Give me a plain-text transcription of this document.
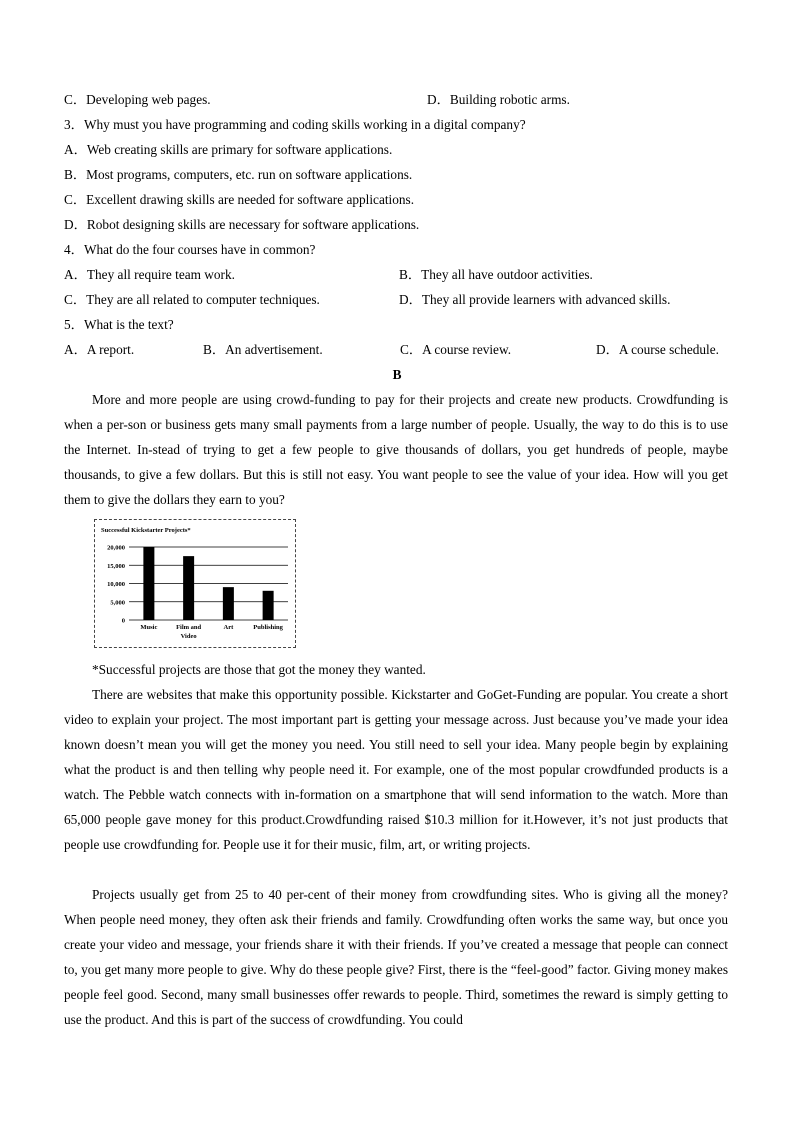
C．Developing web pages.	D．Building robotic arms.
3．Why must you have programming and coding skills working in a digital company?
A．Web creating skills are primary for software applications.
B．Most programs, computers, etc. run on software applications.
C．Excellent drawing skills are needed for software applications.
D．Robot designing skills are necessary for software applications.
4．What do the four courses have in common?
A．They all require team work.	B．They all have outdoor activities.
C．They are all related to computer techniques.	D．They all provide learners with advanced skills.
5．What is the text?
A．A report.	B．An advertisement.	C．A course review.	D．A course schedule.
B

More and more people are using crowd-funding to pay for their projects and create new products. Crowdfunding is when a per-son or business gets many small payments from a large number of people. Usually, the way to do this is to use the Internet. In-stead of trying to get a few people to give thousands of dollars, you get hundreds of people, maybe thousands, to give a few dollars. But this is still not easy. You want people to see the value of your idea. How will you get them to give the dollars they earn to you?

Successful Kickstarter Projects*
20,000
15,000
10,000
5,000
0
Music	Film and
Video
Art	Publishing
*Successful projects are those that got the money they wanted.

There are websites that make this opportunity possible. Kickstarter and GoGet-Funding are popular. You create a short video to explain your project. The most important part is getting your message across. Just because you’ve made your idea known doesn’t mean you will get the money you need. You still need to sell your idea. Many people begin by explaining what the product is and then telling why people need it. For example, one of the most popular crowdfunded products is a watch. The Pebble watch connects with in-formation on a smartphone that will send information to the watch. More than 65,000 people gave money for this product.Crowdfunding raised $10.3 million for it.However, it’s not just products that people use crowdfunding for. People use it for their music, film, art, or writing projects.

Projects usually get from 25 to 40 per-cent of their money from crowdfunding sites. Who is giving all the money? When people need money, they often ask their friends and family. Crowdfunding often works the same way, but once you create your video and message, your friends share it with their friends. If you’ve created a message that people can connect to, you get many more people to give. Why do these people give? First, there is the “feel-good” factor. Giving money makes people feel good. Second, many small businesses offer rewards to people. Third, sometimes the reward is simply getting to use the product. And this is part of the success of crowdfunding. You could
